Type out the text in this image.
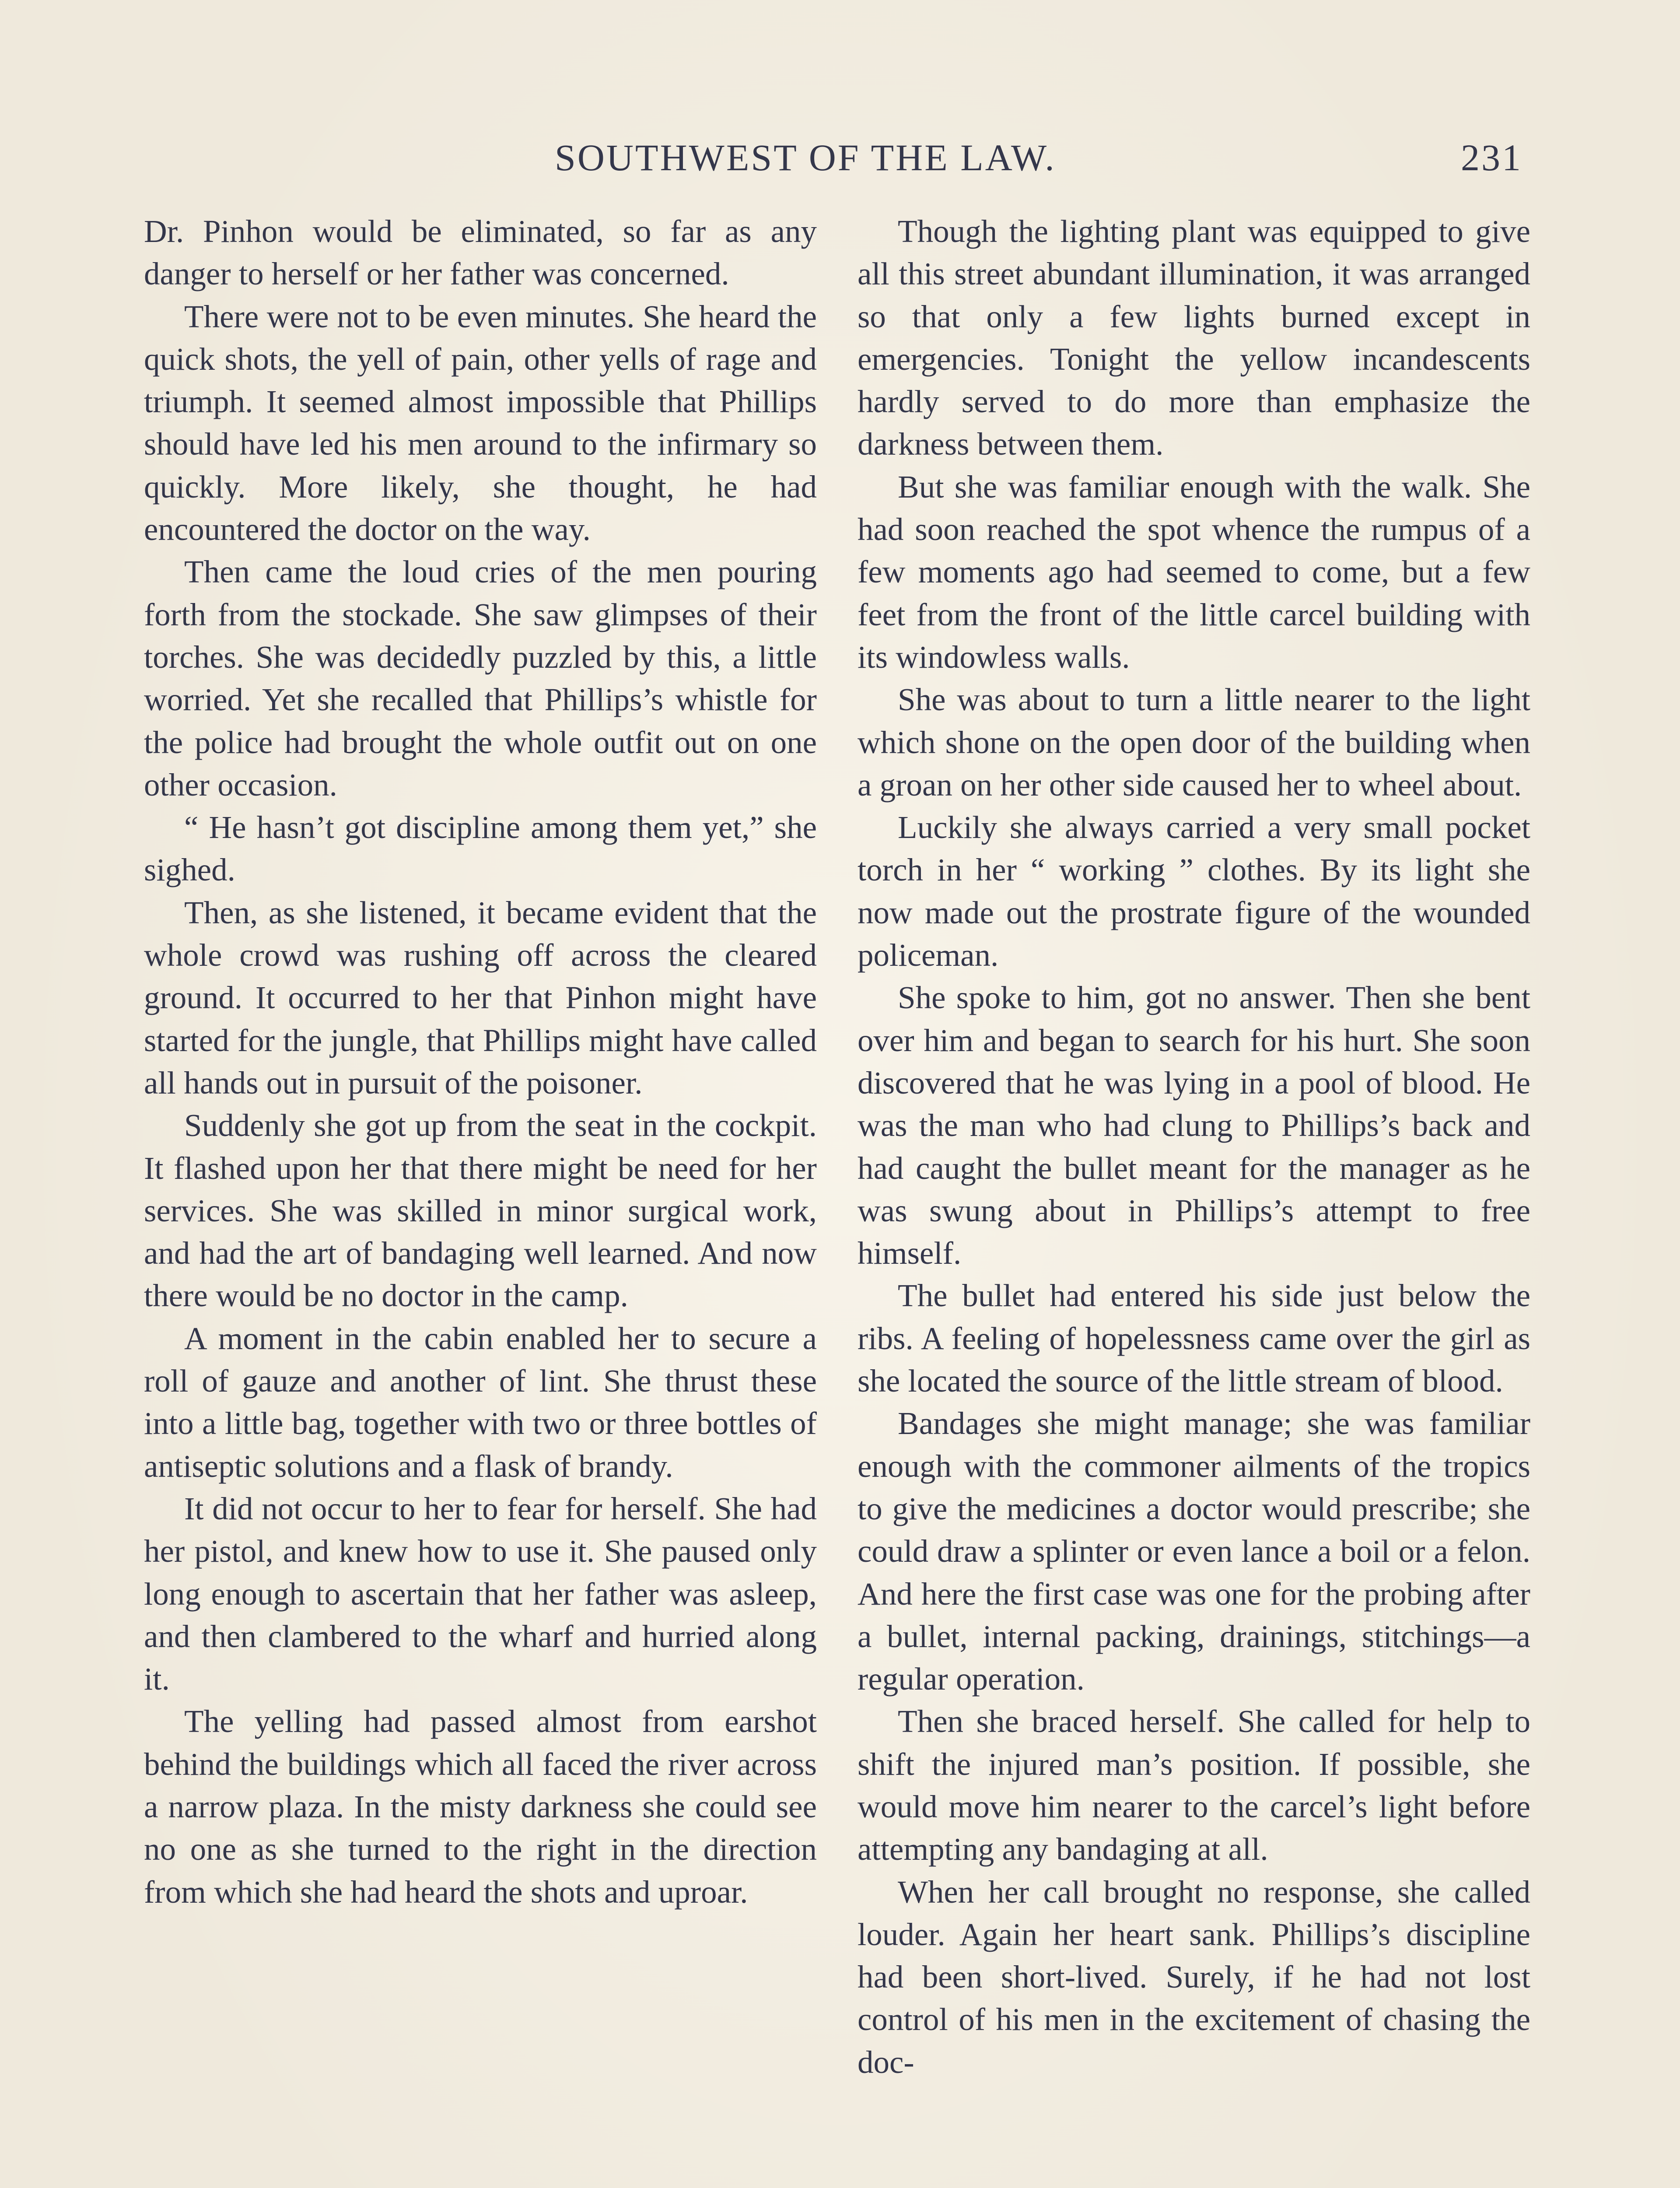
SOUTHWEST OF THE LAW.	231

Dr. Pinhon would be eliminated, so far as any danger to herself or her father was concerned.

There were not to be even minutes. She heard the quick shots, the yell of pain, other yells of rage and triumph. It seemed almost impossible that Phillips should have led his men around to the infirmary so quickly. More likely, she thought, he had encountered the doctor on the way.

Then came the loud cries of the men pouring forth from the stockade. She saw glimpses of their torches. She was decidedly puzzled by this, a little worried. Yet she recalled that Phillips’s whistle for the police had brought the whole outfit out on one other occasion.

“ He hasn’t got discipline among them yet,” she sighed.

Then, as she listened, it became evident that the whole crowd was rushing off across the cleared ground. It occurred to her that Pinhon might have started for the jungle, that Phillips might have called all hands out in pursuit of the poisoner.

Suddenly she got up from the seat in the cockpit. It flashed upon her that there might be need for her services. She was skilled in minor surgical work, and had the art of bandaging well learned. And now there would be no doctor in the camp.

A moment in the cabin enabled her to secure a roll of gauze and another of lint. She thrust these into a little bag, together with two or three bottles of antiseptic solutions and a flask of brandy.

It did not occur to her to fear for herself. She had her pistol, and knew how to use it. She paused only long enough to ascertain that her father was asleep, and then clambered to the wharf and hurried along it.

The yelling had passed almost from earshot behind the buildings which all faced the river across a narrow plaza. In the misty darkness she could see no one as she turned to the right in the direction from which she had heard the shots and uproar.

Though the lighting plant was equipped to give all this street abundant illumination, it was arranged so that only a few lights burned except in emergencies. Tonight the yellow incandescents hardly served to do more than emphasize the darkness between them.

But she was familiar enough with the walk. She had soon reached the spot whence the rumpus of a few moments ago had seemed to come, but a few feet from the front of the little carcel building with its windowless walls.

She was about to turn a little nearer to the light which shone on the open door of the building when a groan on her other side caused her to wheel about.

Luckily she always carried a very small pocket torch in her “ working ” clothes. By its light she now made out the prostrate figure of the wounded policeman.

She spoke to him, got no answer. Then she bent over him and began to search for his hurt. She soon discovered that he was lying in a pool of blood. He was the man who had clung to Phillips’s back and had caught the bullet meant for the manager as he was swung about in Phillips’s attempt to free himself.

The bullet had entered his side just below the ribs. A feeling of hopelessness came over the girl as she located the source of the little stream of blood.

Bandages she might manage; she was familiar enough with the commoner ailments of the tropics to give the medicines a doctor would prescribe; she could draw a splinter or even lance a boil or a felon. And here the first case was one for the probing after a bullet, internal packing, drainings, stitchings—a regular operation.

Then she braced herself. She called for help to shift the injured man’s position. If possible, she would move him nearer to the carcel’s light before attempting any bandaging at all.

When her call brought no response, she called louder. Again her heart sank. Phillips’s discipline had been short-lived. Surely, if he had not lost control of his men in the excitement of chasing the doc-
